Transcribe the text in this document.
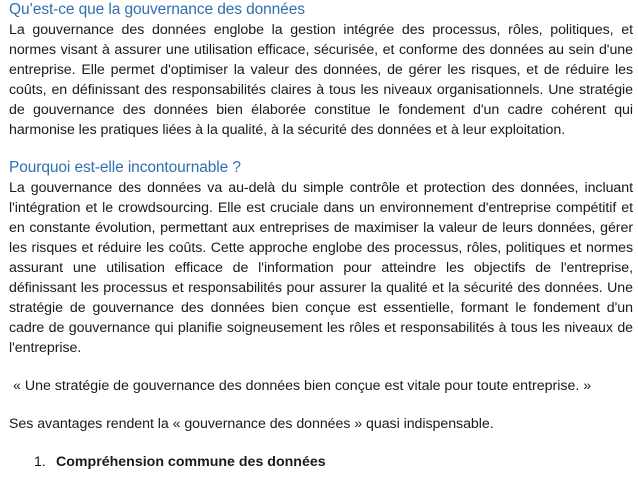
Qu’est-ce que la gouvernance des données

La gouvernance des données englobe la gestion intégrée des processus, rôles, politiques, et normes visant à assurer une utilisation efficace, sécurisée, et conforme des données au sein d'une entreprise. Elle permet d'optimiser la valeur des données, de gérer les risques, et de réduire les coûts, en définissant des responsabilités claires à tous les niveaux organisationnels. Une stratégie de gouvernance des données bien élaborée constitue le fondement d'un cadre cohérent qui harmonise les pratiques liées à la qualité, à la sécurité des données et à leur exploitation.

Pourquoi est-elle incontournable ?

La gouvernance des données va au-delà du simple contrôle et protection des données, incluant l'intégration et le crowdsourcing. Elle est cruciale dans un environnement d'entreprise compétitif et en constante évolution, permettant aux entreprises de maximiser la valeur de leurs données, gérer les risques et réduire les coûts. Cette approche englobe des processus, rôles, politiques et normes assurant une utilisation efficace de l'information pour atteindre les objectifs de l'entreprise, définissant les processus et responsabilités pour assurer la qualité et la sécurité des données. Une stratégie de gouvernance des données bien conçue est essentielle, formant le fondement d'un cadre de gouvernance qui planifie soigneusement les rôles et responsabilités à tous les niveaux de l'entreprise.

« Une stratégie de gouvernance des données bien conçue est vitale pour toute entreprise. »

Ses avantages rendent la « gouvernance des données » quasi indispensable.

1. Compréhension commune des données
